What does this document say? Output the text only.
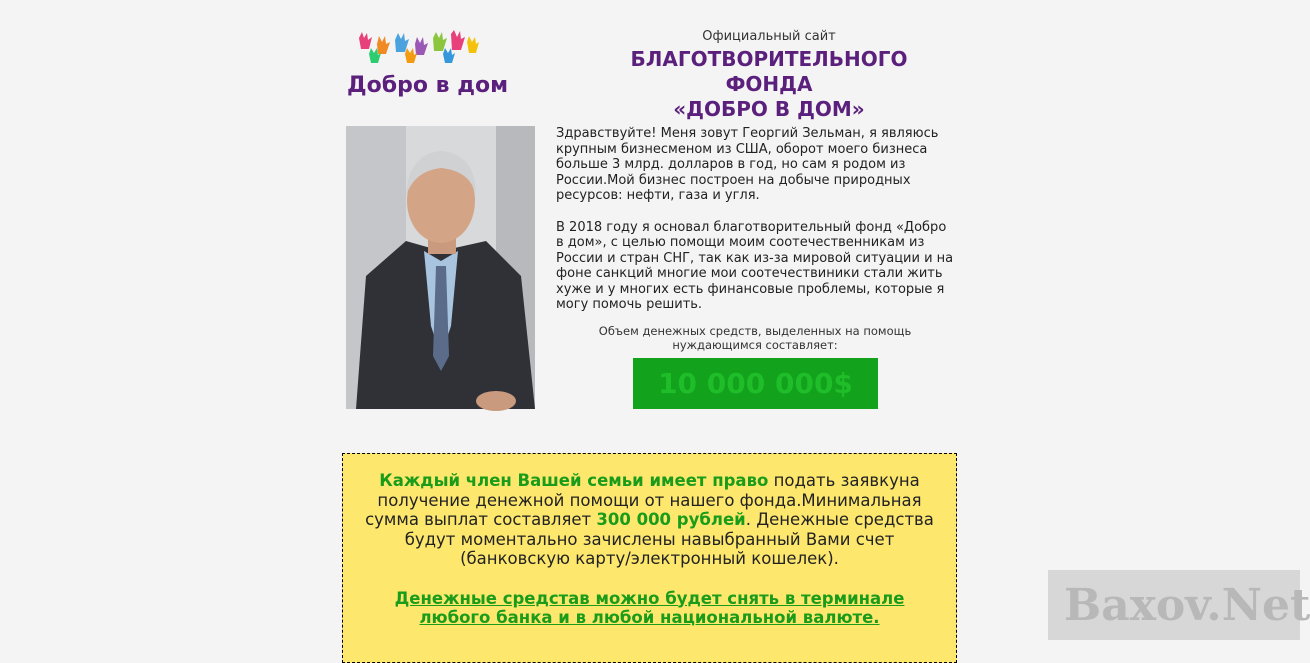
Добро в дом
Официальный сайт
БЛАГОТВОРИТЕЛЬНОГО ФОНДА
«ДОБРО В ДОМ»

Здравствуйте! Меня зовут Георгий Зельман, я являюсь крупным бизнесменом из США, оборот моего бизнеса больше 3 млрд. долларов в год, но сам я родом из России.Мой бизнес построен на добыче природных ресурсов: нефти, газа и угля.

В 2018 году я основал благотворительный фонд «Добро в дом», с целью помощи моим соотечественникам из России и стран СНГ, так как из-за мировой ситуации и на фоне санкций многие мои соотечествиники стали жить хуже и у многих есть финансовые проблемы, которые я могу помочь решить.

Объем денежных средств, выделенных на помощь нуждающимся составляет:
10 000 000$

Каждый член Вашей семьи имеет право подать заявкуна получение денежной помощи от нашего фонда.Минимальная сумма выплат составляет 300 000 рублей. Денежные средства будут моментально зачислены навыбранный Вами счет (банковскую карту/электронный кошелек).

Денежные средстав можно будет снять в терминале любого банка и в любой национальной валюте.	Baxov.Net
